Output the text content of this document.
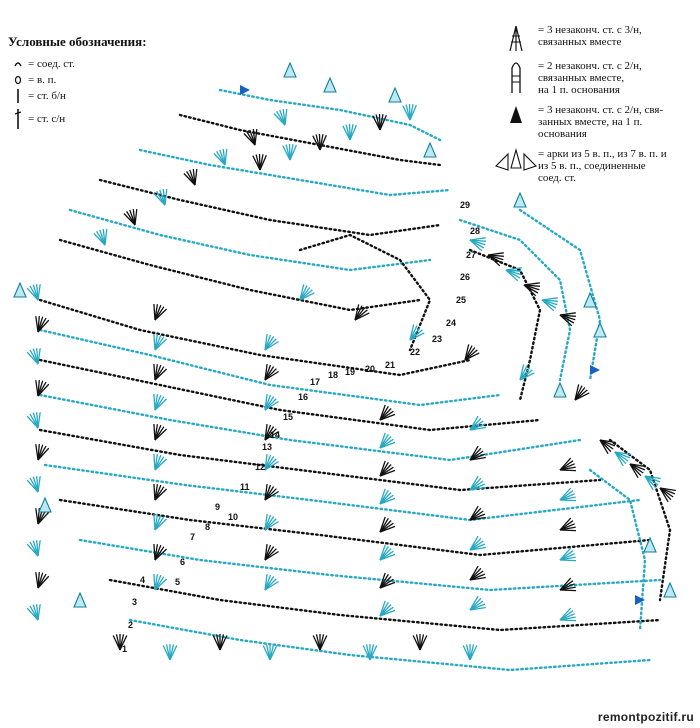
Условные обозначения:
= соед. ст.
= в. п.
= ст. б/н
= ст. с/н
= 3 незаконч. ст. с 3/н,
связанных вместе
= 2 незаконч. ст. с 2/н,
связанных вместе,
на 1 п. основания
= 3 незаконч. ст. с 2/н, свя-
занных вместе, на 1 п.
основания
= арки из 5 в. п., из 7 в. п. и
из 5 в. п., соединенные
соед. ст.
1
2
3
4	5
6
7
8
9
10
11
12
13
14
15
16
17
18 19 20 21
22
23
24
25
26
27
28
29
remontpozitif.ru
